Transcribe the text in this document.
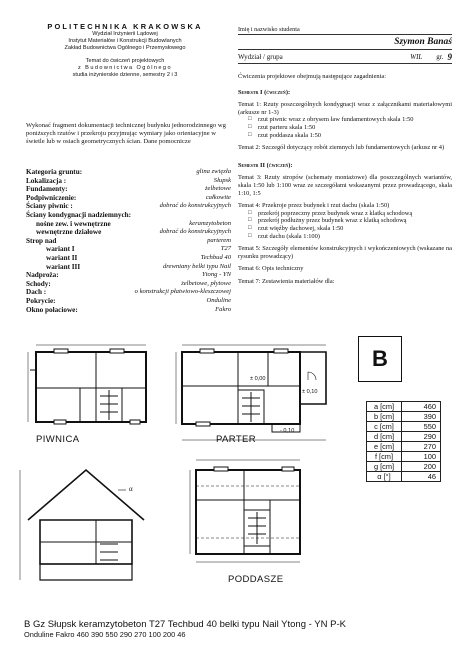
POLITECHNIKA KRAKOWSKA
Wydział Inżynierii Lądowej
Instytut Materiałów i Konstrukcji Budowlanych
Zakład Budownictwa Ogólnego i Przemysłowego
Temat do ćwiczeń projektowych
z Budownictwa Ogólnego
studia inżynierskie dzienne, semestry 2 i 3
Wykonać fragment dokumentacji technicznej budynku jednorodzinnego wg poniższych rzutów i przekroju przyjmując wymiary jako orientacyjne w świetle lub w osiach geometrycznych ścian. Dane pomocnicze
Kategoria gruntu:	glina zwięzła
Lokalizacja :	Słupsk
Fundamenty:	żelbetowe
Podpiwniczenie:	całkowite
Ściany piwnic :	dobrać do konstrukcyjnych
Ściany kondygnacji nadziemnych:
nośne zew. i wewnętrzne	keramzytobeton
wewnętrzne działowe	dobrać do konstrukcyjnych
Strop nad	parterem
wariant I	T27
wariant II	Techbud 40
wariant III	drewniany belki typu Nail
Nadproża:	Ytong - YN
Schody:	żelbetowe, płytowe
Dach :	o konstrukcji płatwiowo-kleszczowej
Pokrycie:	Onduline
Okno połaciowe:	Fakro
Imię i nazwisko studenta
Szymon Banaś
Wydział / grupa	WIL gr. 9
Ćwiczenia projektowe obejmują następujące zagadnienia:
Semestr I (ćwiczeń):
Temat 1: Rzuty poszczególnych kondygnacji wraz z załącznikami materiałowymi (arkusze nr 1-3)
□ rzut piwnic wraz z obrysem ław fundamentowych skala 1:50
□ rzut parteru skala 1:50
□ rzut poddasza skala 1:50
Temat 2: Szczegół dotyczący robót ziemnych lub fundamentowych (arkusz nr 4)
Semestr II (ćwiczeń):
Temat 3: Rzuty stropów (schematy montażowe) dla poszczególnych wariantów, skala 1:50 lub 1:100 wraz ze szczegółami wskazanymi przez prowadzącego, skala 1:10, 1:5
Temat 4: Przekroje przez budynek i rzut dachu (skala 1:50)
□ przekrój poprzeczny przez budynek wraz z klatką schodową
□ przekrój podłużny przez budynek wraz z klatką schodową
□ rzut więźby dachowej, skala 1:50
□ rzut dachu (skala 1:100)
Temat 5: Szczegóły elementów konstrukcyjnych i wykończeniowych (wskazane na rysunku prowadzący)
Temat 6: Opis techniczny
Temat 7: Zestawienia materiałów dla:
B
a [cm]	460
b [cm]	390
c [cm]	550
d [cm]	290
e [cm]	270
f [cm]	100
g [cm]	200
α [°]	46
PIWNICA	PARTER
PODDASZE
± 0,10
± 0,00
- 0,10
α
B Gz Słupsk keramzytobeton T27 Techbud 40 belki typu Nail Ytong - YN P-K
Onduline Fakro 460 390 550 290 270 100 200 46
